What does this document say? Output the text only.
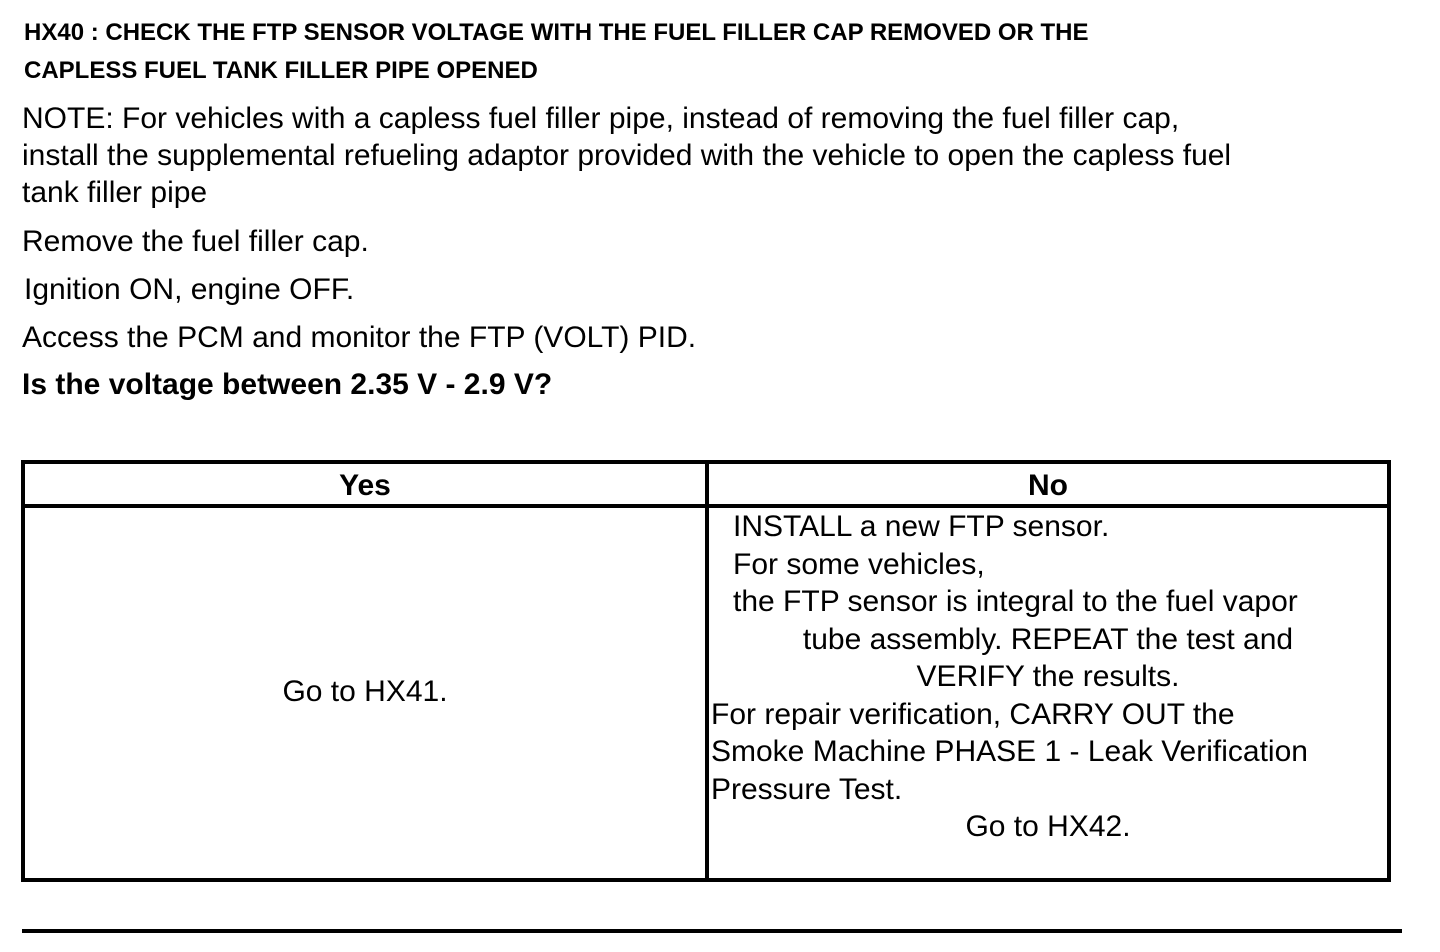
HX40 : CHECK THE FTP SENSOR VOLTAGE WITH THE FUEL FILLER CAP REMOVED OR THE
CAPLESS FUEL TANK FILLER PIPE OPENED

NOTE: For vehicles with a capless fuel filler pipe, instead of removing the fuel filler cap,
install the supplemental refueling adaptor provided with the vehicle to open the capless fuel
tank filler pipe

Remove the fuel filler cap.

Ignition ON, engine OFF.

Access the PCM and monitor the FTP (VOLT) PID.

Is the voltage between 2.35 V - 2.9 V?

Yes	No
Go to HX41.
INSTALL a new FTP sensor.
For some vehicles,
the FTP sensor is integral to the fuel vapor
tube assembly. REPEAT the test and
VERIFY the results.
For repair verification, CARRY OUT the
Smoke Machine PHASE 1 - Leak Verification
Pressure Test.
Go to HX42.
